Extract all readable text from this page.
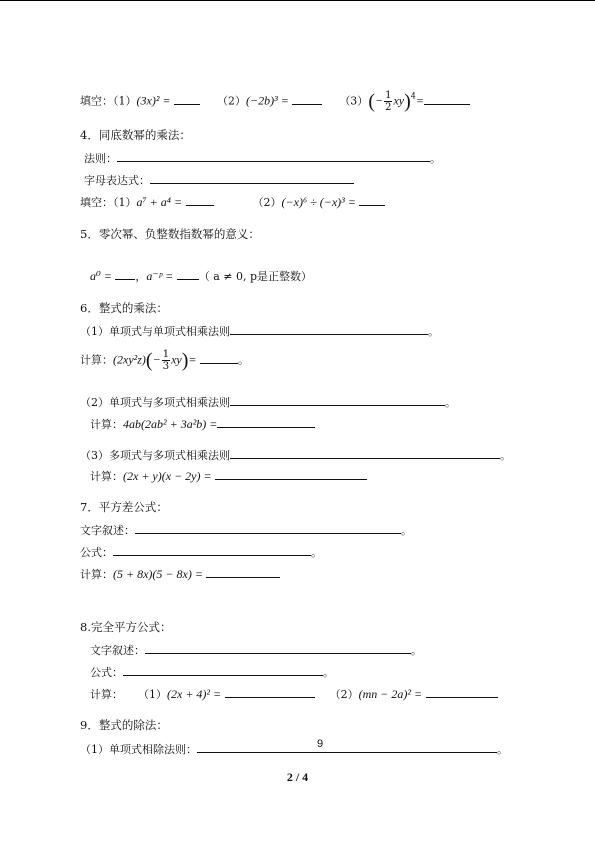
填空：（1）(3x)² =	（2）(−2b)³ =	$(3)(- \frac{1}{2} xy)^4=$
4．同底数幂的乘法：
法则：	。
字母表达式：
填空：（1）a⁷ + a⁴ =	（2）(−x)⁶ ÷ (−x)³ =
5．零次幂、负整数指数幂的意义：
a⁰ = ，a⁻ᵖ = （ a ≠ 0, p是正整数）
6．整式的乘法：
（1）单项式与单项式相乘法则	。
计算：$(2xy^2z)(- \frac{1}{3} xy)=$	。
（2）单项式与多项式相乘法则	。
计算：4ab(2ab² + 3a²b) =
（3）多项式与多项式相乘法则	。
计算：(2x + y)(x − 2y) =
7．平方差公式：
文字叙述：	。
公式：	。
计算：(5 + 8x)(5 − 8x) =
8.完全平方公式：
文字叙述：	。
公式：	。
计算： （1）(2x + 4)² =	（2）(mn − 2a)² =
9．整式的除法：
（1）单项式相除法则：	。
9
2 / 4
